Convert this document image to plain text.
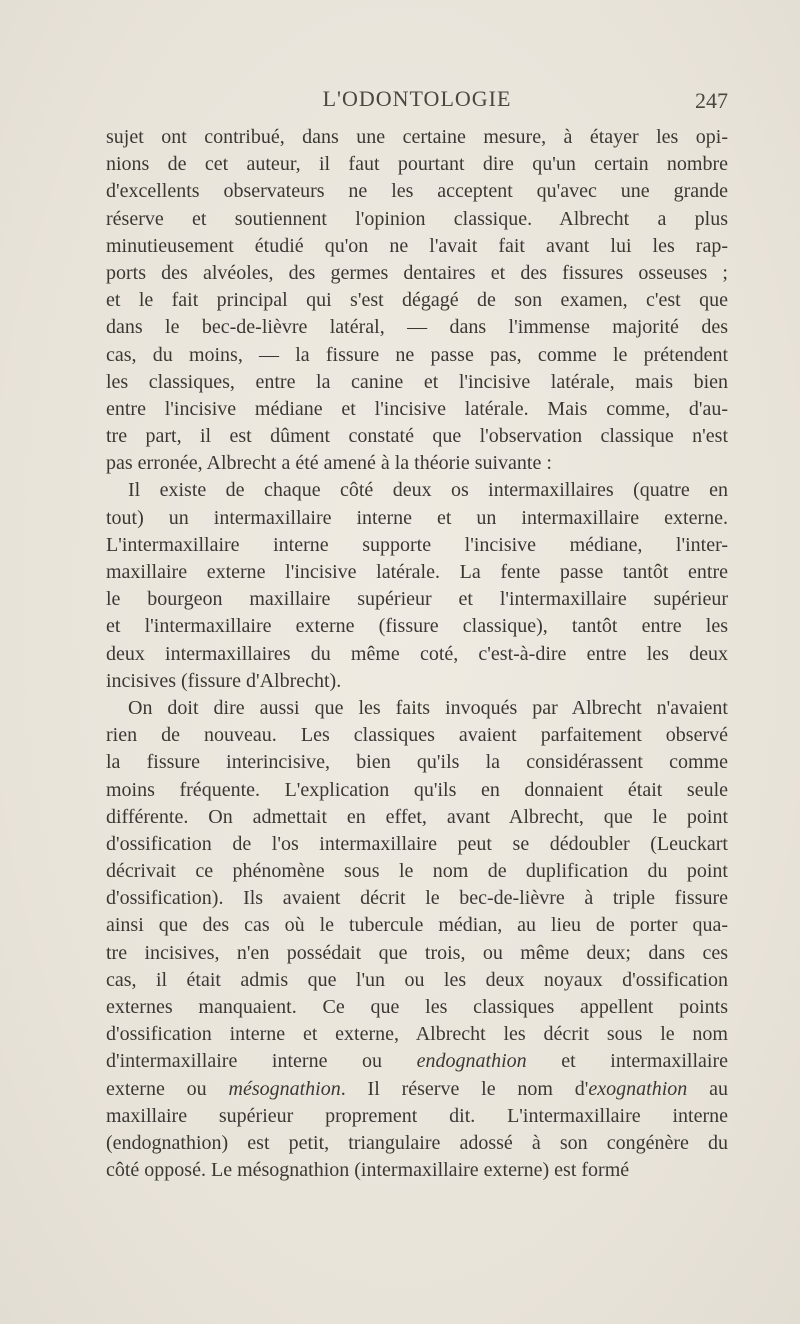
L'ODONTOLOGIE	247
sujet ont contribué, dans une certaine mesure, à étayer les opi-
nions de cet auteur, il faut pourtant dire qu'un certain nombre
d'excellents observateurs ne les acceptent qu'avec une grande
réserve et soutiennent l'opinion classique. Albrecht a plus
minutieusement étudié qu'on ne l'avait fait avant lui les rap-
ports des alvéoles, des germes dentaires et des fissures osseuses ;
et le fait principal qui s'est dégagé de son examen, c'est que
dans le bec-de-lièvre latéral, — dans l'immense majorité des
cas, du moins, — la fissure ne passe pas, comme le prétendent
les classiques, entre la canine et l'incisive latérale, mais bien
entre l'incisive médiane et l'incisive latérale. Mais comme, d'au-
tre part, il est dûment constaté que l'observation classique n'est
pas erronée, Albrecht a été amené à la théorie suivante :
Il existe de chaque côté deux os intermaxillaires (quatre en
tout) un intermaxillaire interne et un intermaxillaire externe.
L'intermaxillaire interne supporte l'incisive médiane, l'inter-
maxillaire externe l'incisive latérale. La fente passe tantôt entre
le bourgeon maxillaire supérieur et l'intermaxillaire supérieur
et l'intermaxillaire externe (fissure classique), tantôt entre les
deux intermaxillaires du même coté, c'est-à-dire entre les deux
incisives (fissure d'Albrecht).
On doit dire aussi que les faits invoqués par Albrecht n'avaient
rien de nouveau. Les classiques avaient parfaitement observé
la fissure interincisive, bien qu'ils la considérassent comme
moins fréquente. L'explication qu'ils en donnaient était seule
différente. On admettait en effet, avant Albrecht, que le point
d'ossification de l'os intermaxillaire peut se dédoubler (Leuckart
décrivait ce phénomène sous le nom de duplification du point
d'ossification). Ils avaient décrit le bec-de-lièvre à triple fissure
ainsi que des cas où le tubercule médian, au lieu de porter qua-
tre incisives, n'en possédait que trois, ou même deux; dans ces
cas, il était admis que l'un ou les deux noyaux d'ossification
externes manquaient. Ce que les classiques appellent points
d'ossification interne et externe, Albrecht les décrit sous le nom
d'intermaxillaire interne ou endognathion et intermaxillaire
externe ou mésognathion. Il réserve le nom d'exognathion au
maxillaire supérieur proprement dit. L'intermaxillaire interne
(endognathion) est petit, triangulaire adossé à son congénère du
côté opposé. Le mésognathion (intermaxillaire externe) est formé
